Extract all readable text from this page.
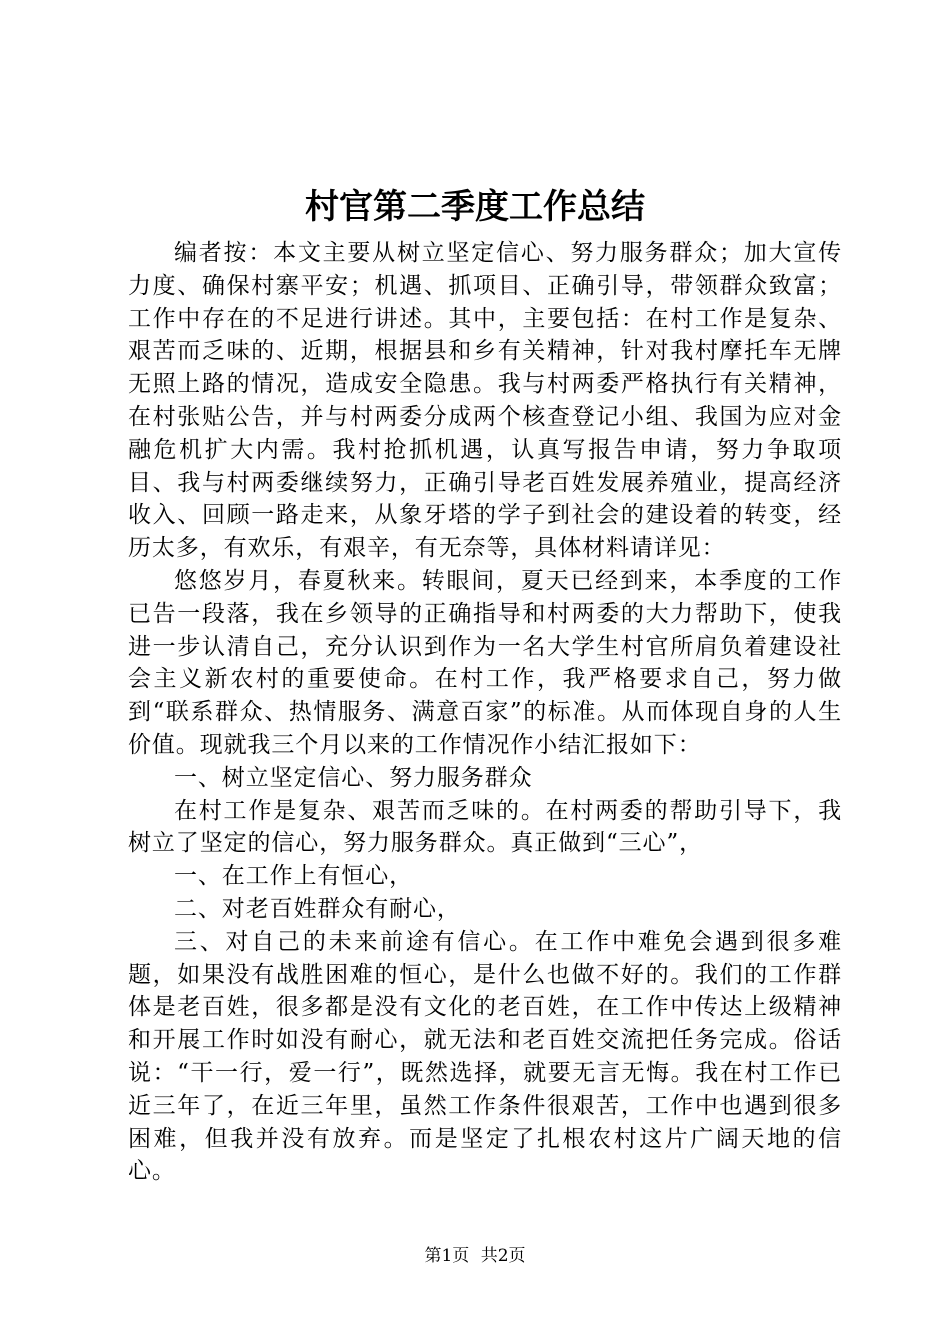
村官第二季度工作总结

编者按：本文主要从树立坚定信心、努力服务群众；加大宣传力度、确保村寨平安；机遇、抓项目、正确引导，带领群众致富；工作中存在的不足进行讲述。其中，主要包括：在村工作是复杂、艰苦而乏味的、近期，根据县和乡有关精神，针对我村摩托车无牌无照上路的情况，造成安全隐患。我与村两委严格执行有关精神，在村张贴公告，并与村两委分成两个核查登记小组、我国为应对金融危机扩大内需。我村抢抓机遇，认真写报告申请，努力争取项目、我与村两委继续努力，正确引导老百姓发展养殖业，提高经济收入、回顾一路走来，从象牙塔的学子到社会的建设着的转变，经历太多，有欢乐，有艰辛，有无奈等，具体材料请详见：

悠悠岁月，春夏秋来。转眼间，夏天已经到来，本季度的工作已告一段落，我在乡领导的正确指导和村两委的大力帮助下，使我进一步认清自己，充分认识到作为一名大学生村官所肩负着建设社会主义新农村的重要使命。在村工作，我严格要求自己，努力做到“联系群众、热情服务、满意百家”的标准。从而体现自身的人生价值。现就我三个月以来的工作情况作小结汇报如下：

一、树立坚定信心、努力服务群众

在村工作是复杂、艰苦而乏味的。在村两委的帮助引导下，我树立了坚定的信心，努力服务群众。真正做到“三心”，

一、在工作上有恒心，

二、对老百姓群众有耐心，

三、对自己的未来前途有信心。在工作中难免会遇到很多难题，如果没有战胜困难的恒心，是什么也做不好的。我们的工作群体是老百姓，很多都是没有文化的老百姓，在工作中传达上级精神和开展工作时如没有耐心，就无法和老百姓交流把任务完成。俗话说：“干一行，爱一行”，既然选择，就要无言无悔。我在村工作已近三年了，在近三年里，虽然工作条件很艰苦，工作中也遇到很多困难，但我并没有放弃。而是坚定了扎根农村这片广阔天地的信心。

第1页 共2页
